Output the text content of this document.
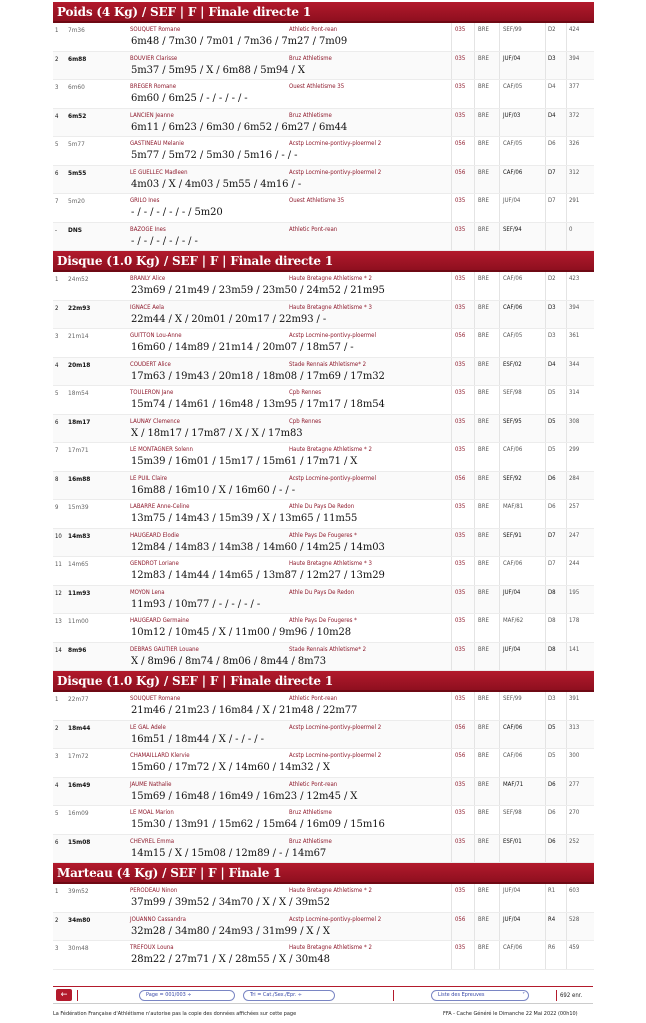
Poids (4 Kg) / SEF | F | Finale directe 1
1 7m36	SOUQUET Romane	Athletic Pont-rean	035 BRE SEF/99	D2 424
6m48 / 7m30 / 7m01 / 7m36 / 7m27 / 7m09
2 6m88	BOUVIER Clarisse	Bruz Athletisme	035 BRE JUF/04	D3 394
5m37 / 5m95 / X / 6m88 / 5m94 / X
3 6m60	BREGER Romane	Ouest Athletisme 35	035 BRE CAF/05	D4 377
6m60 / 6m25 / - / - / - / -
4 6m52	LANCIEN Jeanne	Bruz Athletisme	035 BRE JUF/03	D4 372
6m11 / 6m23 / 6m30 / 6m52 / 6m27 / 6m44
5 5m77	GASTINEAU Melanie	Acstp Locmine-pontivy-ploermel 2	056 BRE CAF/05	D6 326
5m77 / 5m72 / 5m30 / 5m16 / - / -
6 5m55	LE GUELLEC Madleen	Acstp Locmine-pontivy-ploermel 2	056 BRE CAF/06	D7 312
4m03 / X / 4m03 / 5m55 / 4m16 / -
7 5m20	GRILO Ines	Ouest Athletisme 35	035 BRE JUF/04	D7 291
- / - / - / - / - / 5m20
- DNS	BAZOGE Ines	Athletic Pont-rean	035 BRE SEF/94	0
- / - / - / - / - / -
Disque (1.0 Kg) / SEF | F | Finale directe 1
1 24m52	BRANLY Alice	Haute Bretagne Athletisme * 2	035 BRE CAF/06	D2 423
23m69 / 21m49 / 23m59 / 23m50 / 24m52 / 21m95
2 22m93	IGNACE Aela	Haute Bretagne Athletisme * 3	035 BRE CAF/06	D3 394
22m44 / X / 20m01 / 20m17 / 22m93 / -
3 21m14	GUITTON Lou-Anne	Acstp Locmine-pontivy-ploermel	056 BRE CAF/05	D3 361
16m60 / 14m89 / 21m14 / 20m07 / 18m57 / -
4 20m18	COUDERT Alice	Stade Rennais Athletisme* 2	035 BRE ESF/02	D4 344
17m63 / 19m43 / 20m18 / 18m08 / 17m69 / 17m32
5 18m54	TOULERON Jane	Cpb Rennes	035 BRE SEF/98	D5 314
15m74 / 14m61 / 16m48 / 13m95 / 17m17 / 18m54
6 18m17	LAUNAY Clemence	Cpb Rennes	035 BRE SEF/95	D5 308
X / 18m17 / 17m87 / X / X / 17m83
7 17m71	LE MONTAGNER Solenn	Haute Bretagne Athletisme * 2	035 BRE CAF/06	D5 299
15m39 / 16m01 / 15m17 / 15m61 / 17m71 / X
8 16m88	LE PUIL Claire	Acstp Locmine-pontivy-ploermel	056 BRE SEF/92	D6 284
16m88 / 16m10 / X / 16m60 / - / -
9 15m39	LABARRE Anne-Celine	Athle Du Pays De Redon	035 BRE MAF/81	D6 257
13m75 / 14m43 / 15m39 / X / 13m65 / 11m55
10 14m83	HAUGEARD Elodie	Athle Pays De Fougeres *	035 BRE SEF/91	D7 247
12m84 / 14m83 / 14m38 / 14m60 / 14m25 / 14m03
11 14m65	GENDROT Loriane	Haute Bretagne Athletisme * 3	035 BRE CAF/06	D7 244
12m83 / 14m44 / 14m65 / 13m87 / 12m27 / 13m29
12 11m93	MOYON Lena	Athle Du Pays De Redon	035 BRE JUF/04	D8 195
11m93 / 10m77 / - / - / - / -
13 11m00	HAUGEARD Germaine	Athle Pays De Fougeres *	035 BRE MAF/62	D8 178
10m12 / 10m45 / X / 11m00 / 9m96 / 10m28
14 8m96	DEBRAS GAUTIER Louane	Stade Rennais Athletisme* 2	035 BRE JUF/04	D8 141
X / 8m96 / 8m74 / 8m06 / 8m44 / 8m73
Disque (1.0 Kg) / SEF | F | Finale directe 1
1 22m77	SOUQUET Romane	Athletic Pont-rean	035 BRE SEF/99	D3 391
21m46 / 21m23 / 16m84 / X / 21m48 / 22m77
2 18m44	LE GAL Adele	Acstp Locmine-pontivy-ploermel 2	056 BRE CAF/06	D5 313
16m51 / 18m44 / X / - / - / -
3 17m72	CHAMAILLARD Klervie	Acstp Locmine-pontivy-ploermel 2	056 BRE CAF/06	D5 300
15m60 / 17m72 / X / 14m60 / 14m32 / X
4 16m49	JAUME Nathalie	Athletic Pont-rean	035 BRE MAF/71	D6 277
15m69 / 16m48 / 16m49 / 16m23 / 12m45 / X
5 16m09	LE MOAL Marion	Bruz Athletisme	035 BRE SEF/98	D6 270
15m30 / 13m91 / 15m62 / 15m64 / 16m09 / 15m16
6 15m08	CHEVREL Emma	Bruz Athletisme	035 BRE ESF/01	D6 252
14m15 / X / 15m08 / 12m89 / - / 14m67
Marteau (4 Kg) / SEF | F | Finale 1
1 39m52	PERODEAU Ninon	Haute Bretagne Athletisme * 2	035 BRE JUF/04	R1 603
37m99 / 39m52 / 34m70 / X / X / 39m52
2 34m80	JOUANNO Cassandra	Acstp Locmine-pontivy-ploermel 2	056 BRE JUF/04	R4 528
32m28 / 34m80 / 24m93 / 31m99 / X / X
3 30m48	TREFOUX Louna	Haute Bretagne Athletisme * 2	035 BRE CAF/06	R6 459
28m22 / 27m71 / X / 28m55 / X / 30m48
←	Page = 001/003 ÷	Tri = Cat./Sex./Epr. ÷	Liste des Epreuves	˅	692 enr.
La Fédération Française d'Athlétisme n'autorise pas la copie des données affichées sur cette page	FFA - Cache Généré le Dimanche 22 Mai 2022 (00h10)
